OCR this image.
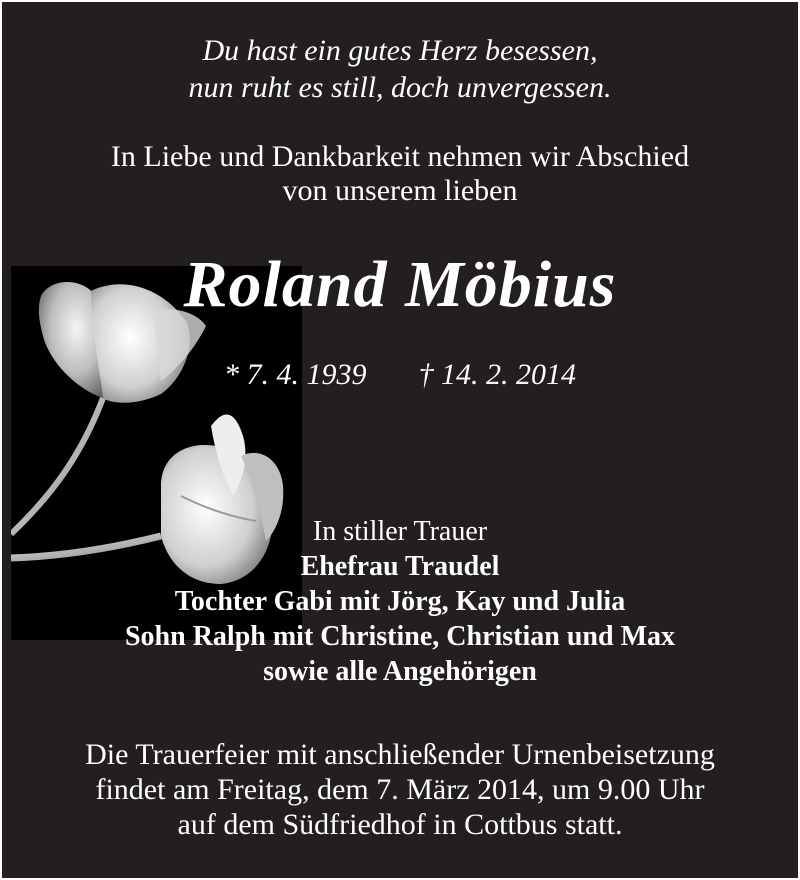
Du hast ein gutes Herz besessen,
nun ruht es still, doch unvergessen.
In Liebe und Dankbarkeit nehmen wir Abschied
von unserem lieben
Roland Möbius
* 7. 4. 1939 † 14. 2. 2014
In stiller Trauer
Ehefrau Traudel
Tochter Gabi mit Jörg, Kay und Julia
Sohn Ralph mit Christine, Christian und Max
sowie alle Angehörigen
Die Trauerfeier mit anschließender Urnenbeisetzung
findet am Freitag, dem 7. März 2014, um 9.00 Uhr
auf dem Südfriedhof in Cottbus statt.
